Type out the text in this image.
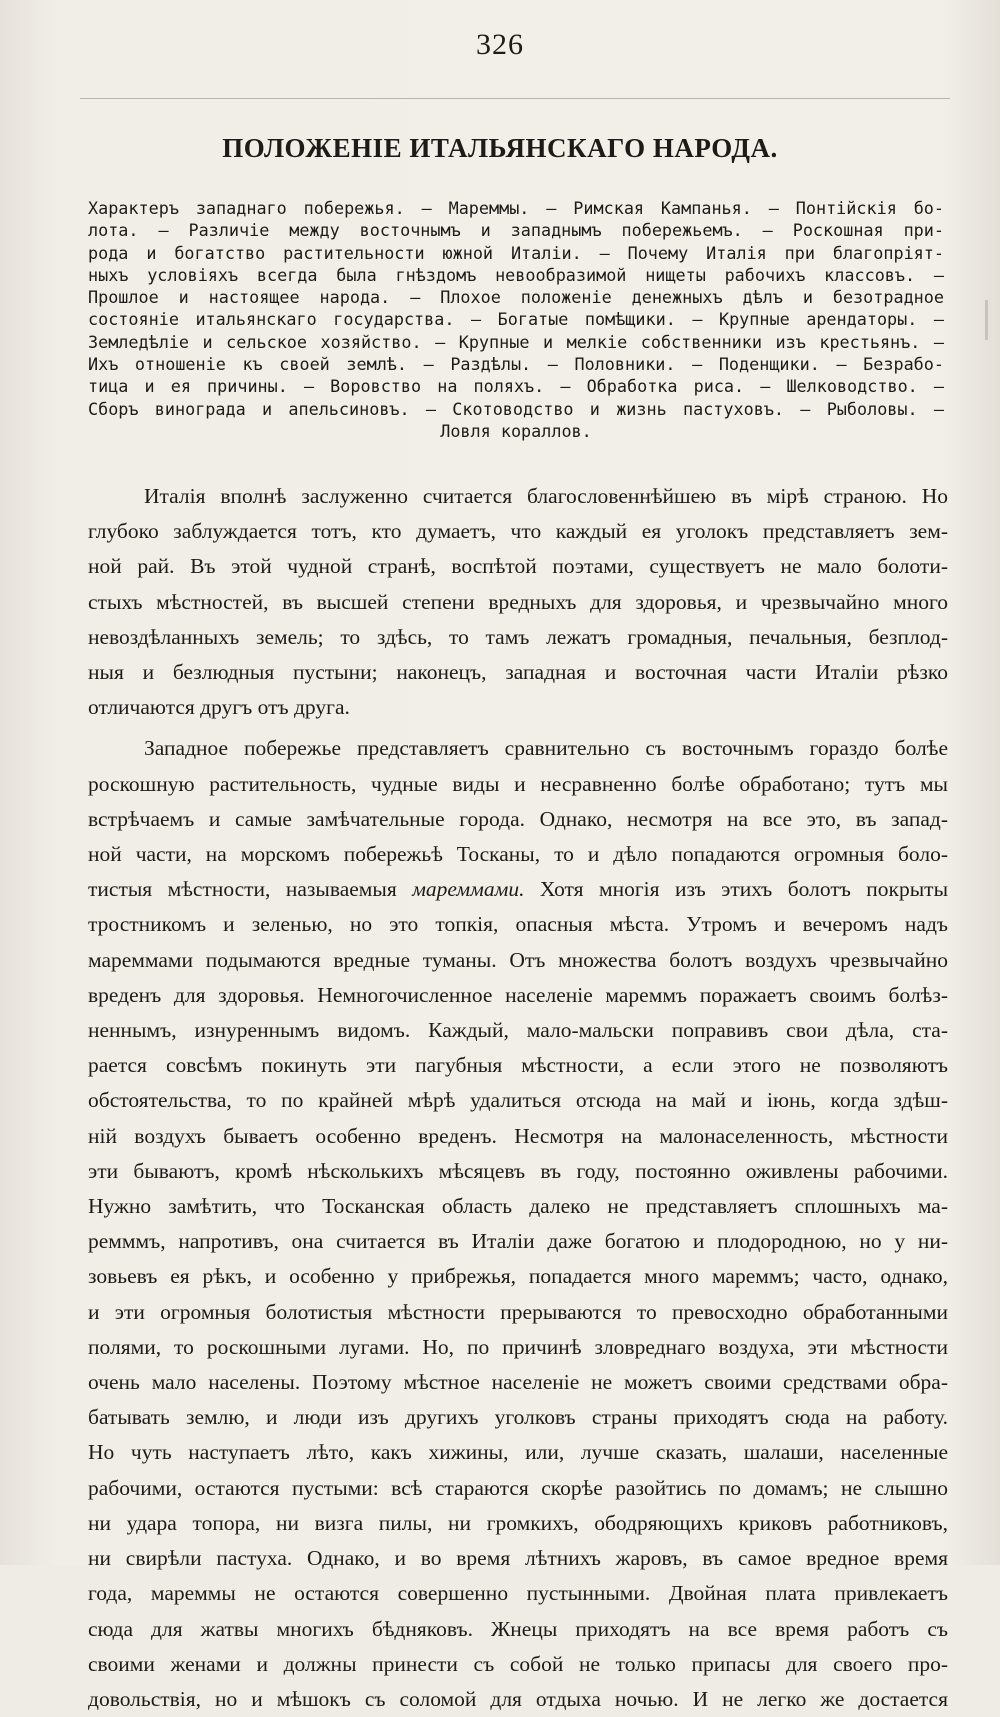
326
ПОЛОЖЕНІЕ ИТАЛЬЯНСКАГО НАРОДА.
Характеръ западнаго побережья. — Мареммы. — Римская Кампанья. — Понтійскія бо-
лота. — Различіе между восточнымъ и западнымъ побережьемъ. — Роскошная при-
рода и богатство растительности южной Италіи. — Почему Италія при благопріят-
ныхъ условіяхъ всегда была гнѣздомъ невообразимой нищеты рабочихъ классовъ. —
Прошлое и настоящее народа. — Плохое положеніе денежныхъ дѣлъ и безотрадное
состояніе итальянскаго государства. — Богатые помѣщики. — Крупные арендаторы. —
Земледѣліе и сельское хозяйство. — Крупные и мелкіе собственники изъ крестьянъ. —
Ихъ отношеніе къ своей землѣ. — Раздѣлы. — Половники. — Поденщики. — Безрабо-
тица и ея причины. — Воровство на поляхъ. — Обработка риса. — Шелководство. —
Сборъ винограда и апельсиновъ. — Скотоводство и жизнь пастуховъ. — Рыболовы. —
Ловля кораллов.
Италія вполнѣ заслуженно считается благословеннѣйшею въ мірѣ страною. Но
глубоко заблуждается тотъ, кто думаетъ, что каждый ея уголокъ представляетъ зем-
ной рай. Въ этой чудной странѣ, воспѣтой поэтами, существуетъ не мало болоти-
стыхъ мѣстностей, въ высшей степени вредныхъ для здоровья, и чрезвычайно много
невоздѣланныхъ земель; то здѣсь, то тамъ лежатъ громадныя, печальныя, безплод-
ныя и безлюдныя пустыни; наконецъ, западная и восточная части Италіи рѣзко
отличаются другъ отъ друга.
Западное побережье представляетъ сравнительно съ восточнымъ гораздо болѣе
роскошную растительность, чудные виды и несравненно болѣе обработано; тутъ мы
встрѣчаемъ и самые замѣчательные города. Однако, несмотря на все это, въ запад-
ной части, на морскомъ побережьѣ Тосканы, то и дѣло попадаются огромныя боло-
тистыя мѣстности, называемыя мареммами. Хотя многія изъ этихъ болотъ покрыты
тростникомъ и зеленью, но это топкія, опасныя мѣста. Утромъ и вечеромъ надъ
мареммами подымаются вредные туманы. Отъ множества болотъ воздухъ чрезвычайно
вреденъ для здоровья. Немногочисленное населеніе мареммъ поражаетъ своимъ болѣз-
неннымъ, изнуреннымъ видомъ. Каждый, мало-мальски поправивъ свои дѣла, ста-
рается совсѣмъ покинуть эти пагубныя мѣстности, а если этого не позволяютъ
обстоятельства, то по крайней мѣрѣ удалиться отсюда на май и іюнь, когда здѣш-
ній воздухъ бываетъ особенно вреденъ. Несмотря на малонаселенность, мѣстности
эти бываютъ, кромѣ нѣсколькихъ мѣсяцевъ въ году, постоянно оживлены рабочими.
Нужно замѣтить, что Тосканская область далеко не представляетъ сплошныхъ ма-
ремммъ, напротивъ, она считается въ Италіи даже богатою и плодородною, но у ни-
зовьевъ ея рѣкъ, и особенно у прибрежья, попадается много мареммъ; часто, однако,
и эти огромныя болотистыя мѣстности прерываются то превосходно обработанными
полями, то роскошными лугами. Но, по причинѣ зловреднаго воздуха, эти мѣстности
очень мало населены. Поэтому мѣстное населеніе не можетъ своими средствами обра-
батывать землю, и люди изъ другихъ уголковъ страны приходятъ сюда на работу.
Но чуть наступаетъ лѣто, какъ хижины, или, лучше сказать, шалаши, населенные
рабочими, остаются пустыми: всѣ стараются скорѣе разойтись по домамъ; не слышно
ни удара топора, ни визга пилы, ни громкихъ, ободряющихъ криковъ работниковъ,
ни свирѣли пастуха. Однако, и во время лѣтнихъ жаровъ, въ самое вредное время
года, мареммы не остаются совершенно пустынными. Двойная плата привлекаетъ
сюда для жатвы многихъ бѣдняковъ. Жнецы приходятъ на все время работъ съ
своими женами и должны принести съ собой не только припасы для своего про-
довольствія, но и мѣшокъ съ соломой для отдыха ночью. И не легко же достается
